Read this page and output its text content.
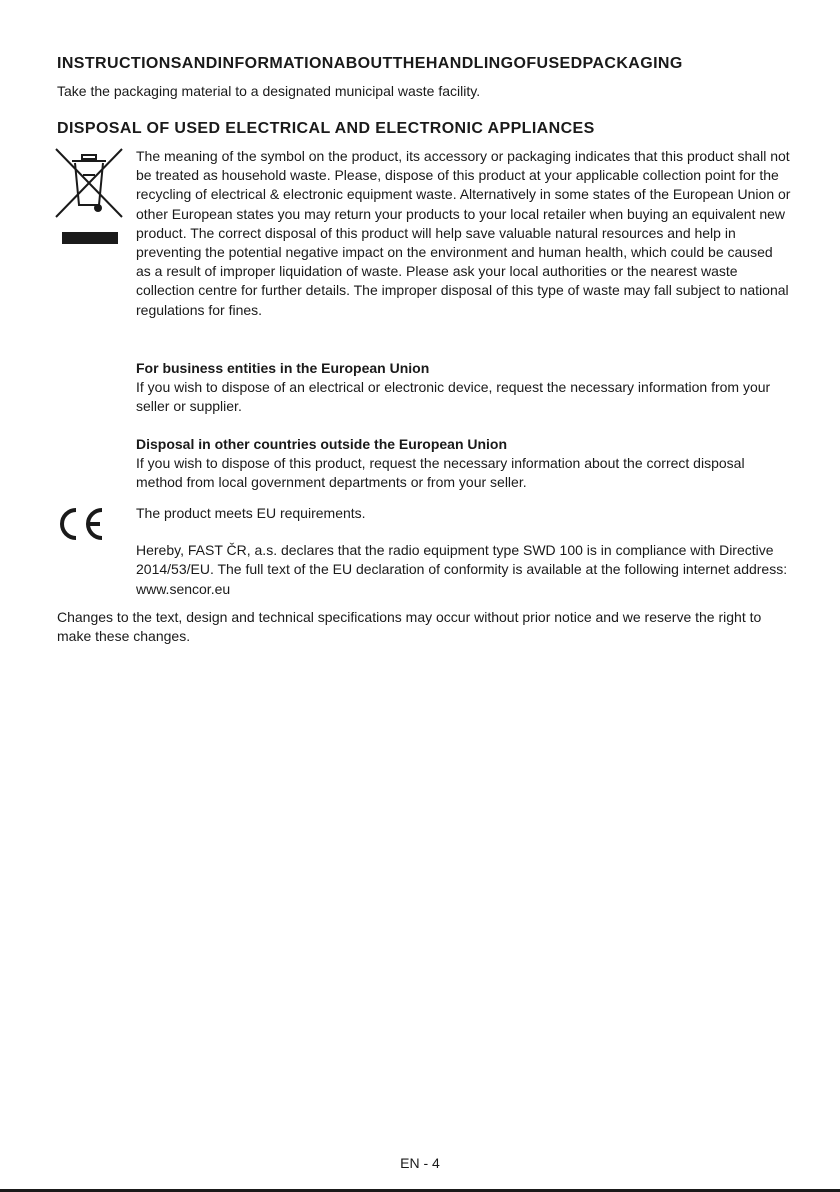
INSTRUCTIONSANDINFORMATIONABOUTTHEHANDLINGOFUSEDPACKAGING

Take the packaging material to a designated municipal waste facility.

DISPOSAL OF USED ELECTRICAL AND ELECTRONIC APPLIANCES

The meaning of the symbol on the product, its accessory or packaging indicates that this product shall not be treated as household waste. Please, dispose of this product at your applicable collection point for the recycling of electrical & electronic equipment waste. Alternatively in some states of the European Union or other European states you may return your products to your local retailer when buying an equivalent new product. The correct disposal of this product will help save valuable natural resources and help in preventing the potential negative impact on the environment and human health, which could be caused as a result of improper liquidation of waste. Please ask your local authorities or the nearest waste collection centre for further details. The improper disposal of this type of waste may fall subject to national regulations for fines.

For business entities in the European Union

If you wish to dispose of an electrical or electronic device, request the necessary information from your seller or supplier.

Disposal in other countries outside the European Union

If you wish to dispose of this product, request the necessary information about the correct disposal method from local government departments or from your seller.

The product meets EU requirements.

Hereby, FAST ČR, a.s. declares that the radio equipment type SWD 100 is in compliance with Directive 2014/53/EU. The full text of the EU declaration of conformity is available at the following internet address: www.sencor.eu

Changes to the text, design and technical specifications may occur without prior notice and we reserve the right to make these changes.

EN - 4
